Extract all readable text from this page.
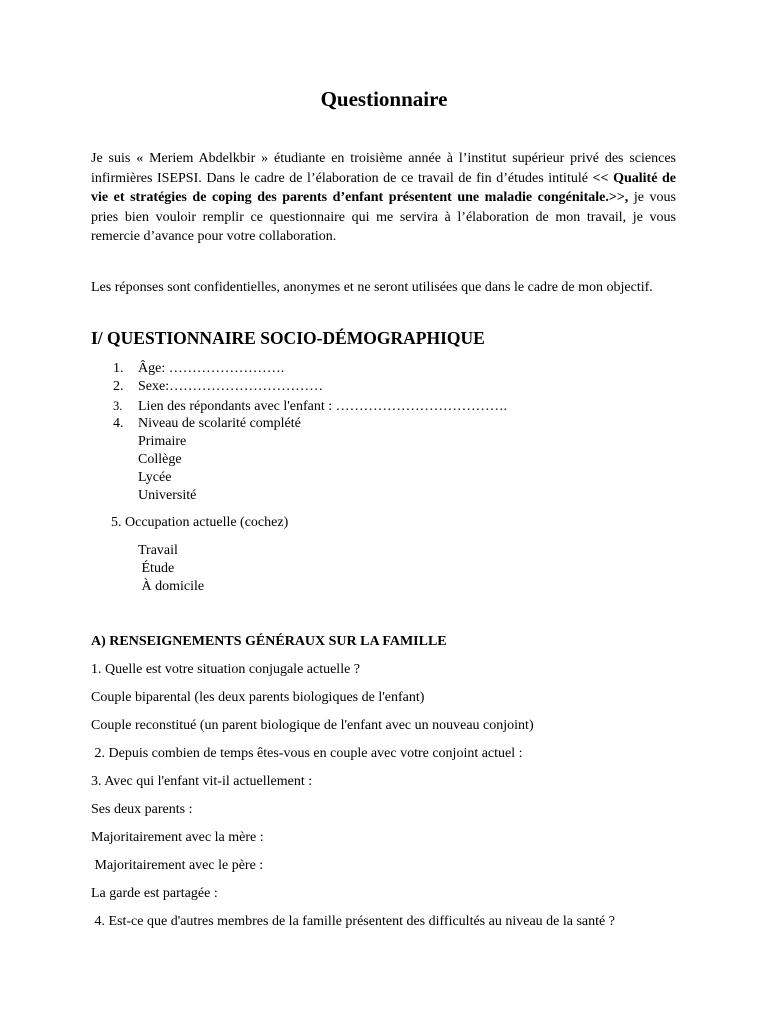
Questionnaire

Je suis « Meriem Abdelkbir » étudiante en troisième année à l’institut supérieur privé des sciences infirmières ISEPSI. Dans le cadre de l’élaboration de ce travail de fin d’études intitulé << Qualité de vie et stratégies de coping des parents d’enfant présentent une maladie congénitale.>>, je vous pries bien vouloir remplir ce questionnaire qui me servira à l’élaboration de mon travail, je vous remercie d’avance pour votre collaboration.

Les réponses sont confidentielles, anonymes et ne seront utilisées que dans le cadre de mon objectif.

I/ QUESTIONNAIRE SOCIO-DÉMOGRAPHIQUE
1. Âge: …………………….
2. Sexe:……………………………
3. Lien des répondants avec l'enfant : ……………………………….
4. Niveau de scolarité complété
Primaire
Collège
Lycée
Université
5. Occupation actuelle (cochez)
Travail
Étude
À domicile
A) RENSEIGNEMENTS GÉNÉRAUX SUR LA FAMILLE
1. Quelle est votre situation conjugale actuelle ?
Couple biparental (les deux parents biologiques de l'enfant)
Couple reconstitué (un parent biologique de l'enfant avec un nouveau conjoint)
2. Depuis combien de temps êtes-vous en couple avec votre conjoint actuel :
3. Avec qui l'enfant vit-il actuellement :
Ses deux parents :
Majoritairement avec la mère :
Majoritairement avec le père :
La garde est partagée :
4. Est-ce que d'autres membres de la famille présentent des difficultés au niveau de la santé ?
